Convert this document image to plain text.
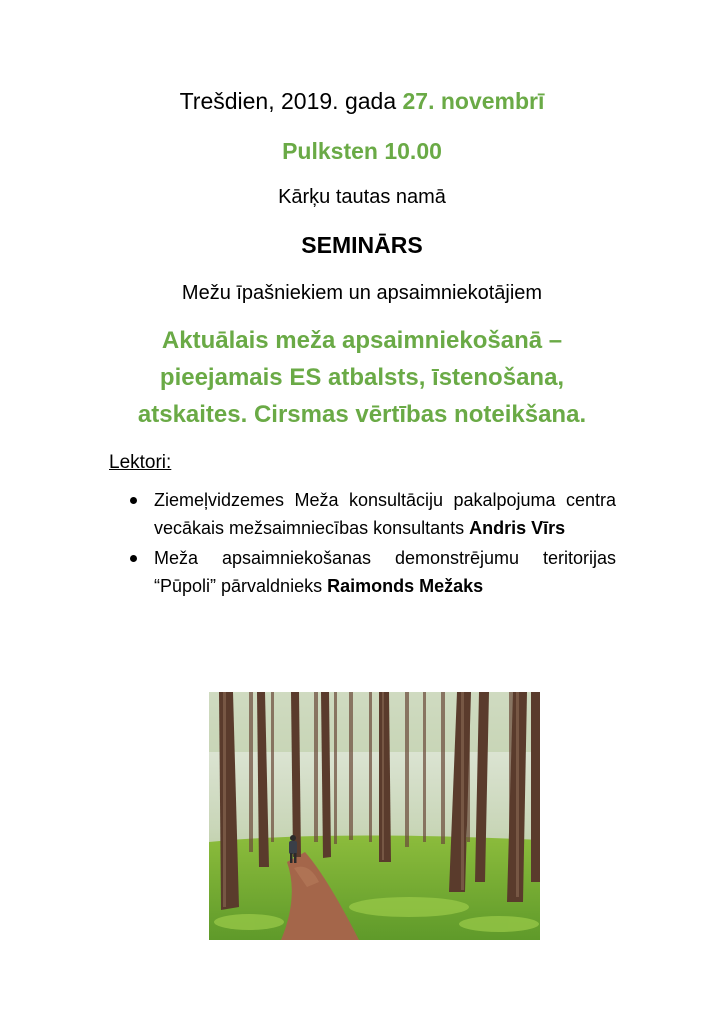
Trešdien, 2019. gada 27. novembrī
Pulksten 10.00
Kārķu tautas namā
SEMINĀRS
Mežu īpašniekiem un apsaimniekotājiem
Aktuālais meža apsaimniekošanā –
pieejamais ES atbalsts, īstenošana,
atskaites. Cirsmas vērtības noteikšana.
Lektori:
Ziemeļvidzemes Meža konsultāciju pakalpojuma centra vecākais mežsaimniecības konsultants Andris Vīrs
Meža apsaimniekošanas demonstrējumu teritorijas “Pūpoli” pārvaldnieks Raimonds Mežaks
